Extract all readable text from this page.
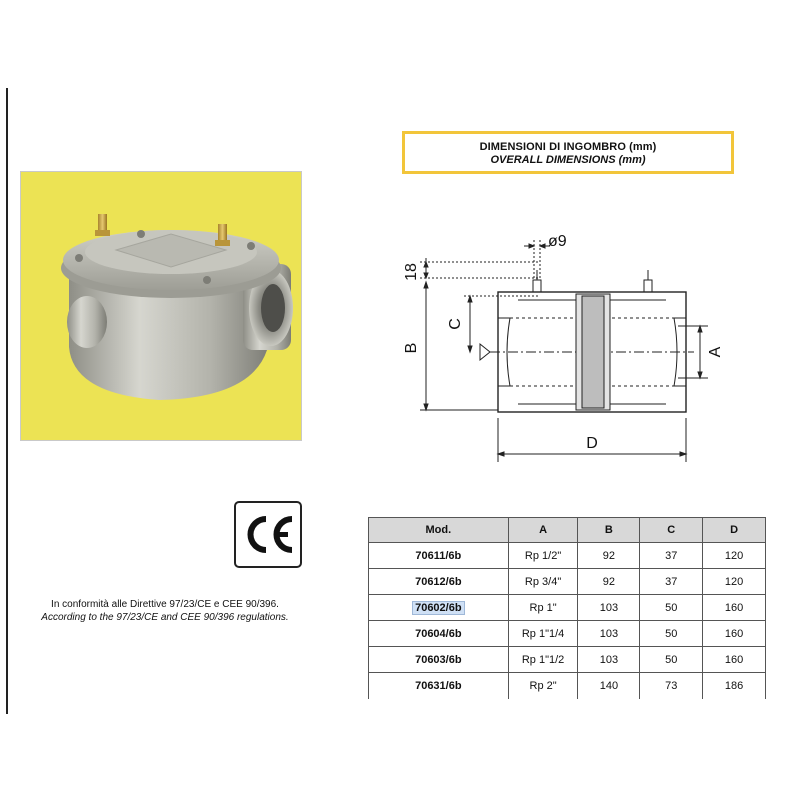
DIMENSIONI DI INGOMBRO (mm)
OVERALL DIMENSIONS (mm)
ø9
18
C
B	A
D
In conformità alle Direttive 97/23/CE e CEE 90/396.
According to the 97/23/CE and CEE 90/396 regulations.
Mod.	A	B	C	D
70611/6b	Rp 1/2"	92	37	120
70612/6b	Rp 3/4"	92	37	120
70602/6b	Rp 1"	103	50	160
70604/6b	Rp 1"1/4	103	50	160
70603/6b	Rp 1"1/2	103	50	160
70631/6b	Rp 2"	140	73	186
